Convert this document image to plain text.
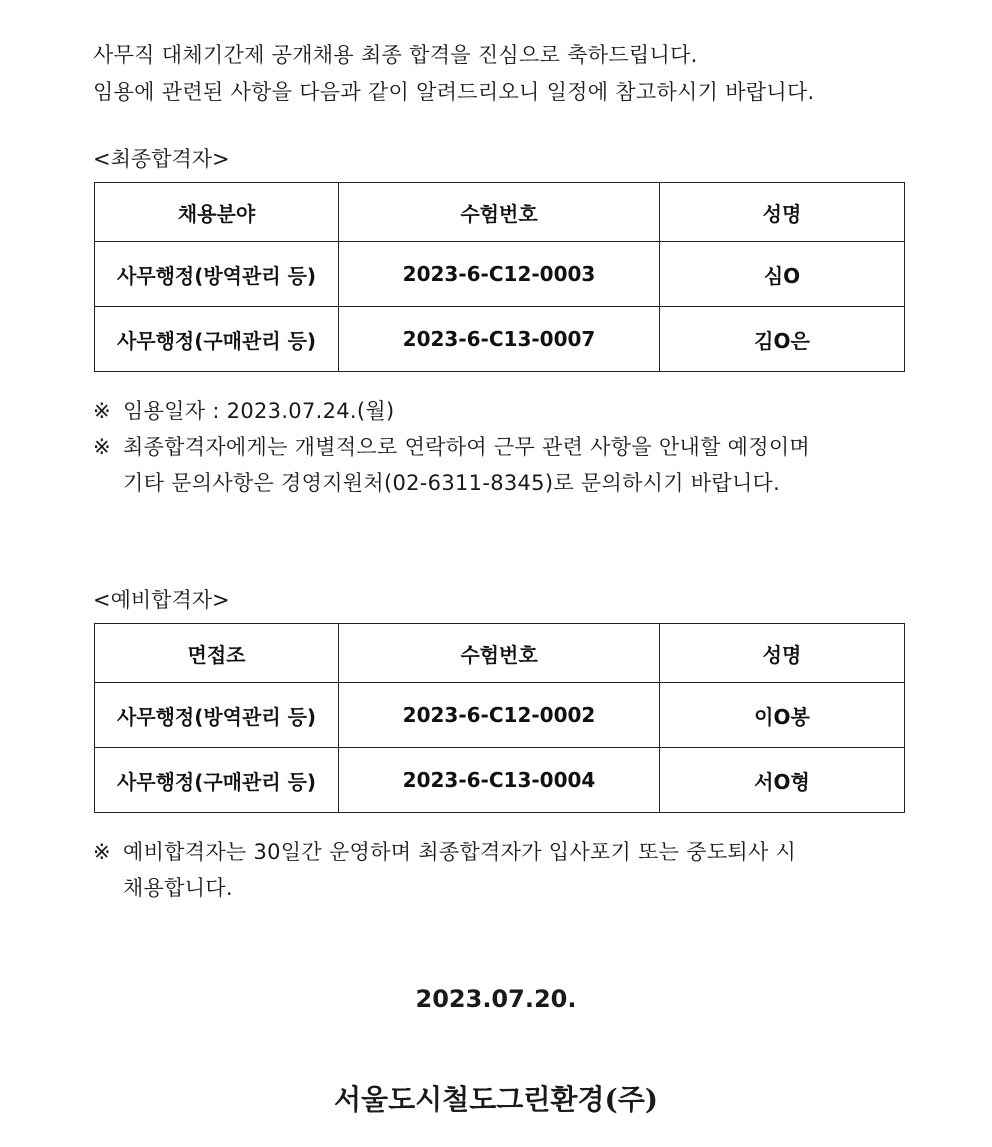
사무직 대체기간제 공개채용 최종 합격을 진심으로 축하드립니다.
임용에 관련된 사항을 다음과 같이 알려드리오니 일정에 참고하시기 바랍니다.
<최종합격자>
채용분야	수험번호	성명
사무행정(방역관리 등)	2023-6-C12-0003	심O
사무행정(구매관리 등)	2023-6-C13-0007	김O은
※ 임용일자 : 2023.07.24.(월)
※ 최종합격자에게는 개별적으로 연락하여 근무 관련 사항을 안내할 예정이며
기타 문의사항은 경영지원처(02-6311-8345)로 문의하시기 바랍니다.
<예비합격자>
면접조	수험번호	성명
사무행정(방역관리 등)	2023-6-C12-0002	이O봉
사무행정(구매관리 등)	2023-6-C13-0004	서O형
※ 예비합격자는 30일간 운영하며 최종합격자가 입사포기 또는 중도퇴사 시
채용합니다.
2023.07.20.
서울도시철도그린환경(주)
